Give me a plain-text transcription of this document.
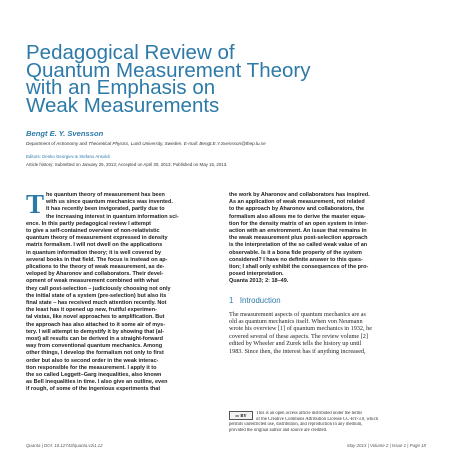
Pedagogical Review of
Quantum Measurement Theory
with an Emphasis on
Weak Measurements
Bengt E. Y. Svensson
Department of Astronomy and Theoretical Physics, Lund University, Sweden. E-mail: Bengt.E.Y.Svensson@thep.lu.se
Editors: Denko Georgiev & Stefano Ansoldi
Article history: Submitted on January 25, 2013; Accepted on April 30, 2013; Published on May 15, 2013.
T he quantum theory of measurement has been
with us since quantum mechanics was invented.
It has recently been invigorated, partly due to
the increasing interest in quantum information sci-
ence. In this partly pedagogical review I attempt
to give a self-contained overview of non-relativistic
quantum theory of measurement expressed in density
matrix formalism. I will not dwell on the applications
in quantum information theory; it is well covered by
several books in that field. The focus is instead on ap-
plications to the theory of weak measurement, as de-
veloped by Aharonov and collaborators. Their devel-
opment of weak measurement combined with what
they call post-selection – judiciously choosing not only
the initial state of a system (pre-selection) but also its
final state – has received much attention recently. Not
the least has it opened up new, fruitful experimen-
tal vistas, like novel approaches to amplification. But
the approach has also attached to it some air of mys-
tery. I will attempt to demystify it by showing that (al-
most) all results can be derived in a straight-forward
way from conventional quantum mechanics. Among
other things, I develop the formalism not only to first
order but also to second order in the weak interac-
tion responsible for the measurement. I apply it to
the so called Leggett–Garg inequalities, also known
as Bell inequalities in time. I also give an outline, even
if rough, of some of the ingenious experiments that
the work by Aharonov and collaborators has inspired.
As an application of weak measurement, not related
to the approach by Aharonov and collaborators, the
formalism also allows me to derive the master equa-
tion for the density matrix of an open system in inter-
action with an environment. An issue that remains in
the weak measurement plus post-selection approach
is the interpretation of the so called weak value of an
observable. Is it a bona fide property of the system
considered? I have no definite answer to this ques-
tion; I shall only exhibit the consequences of the pro-
posed interpretation.
Quanta 2013; 2: 18–49.
1 Introduction
The measurement aspects of quantum mechanics are as
old as quantum mechanics itself. When von Neumann
wrote his overview [1] of quantum mechanics in 1932, he
covered several of these aspects. The review volume [2]
edited by Wheeler and Zurek tells the history up until
1983. Since then, the interest has if anything increased,
cc BY	This is an open access article distributed under the terms
of the Creative Commons Attribution License CC-BY-3.0, which
permits unrestricted use, distribution, and reproduction in any medium,
provided the original author and source are credited.
Quanta | DOI: 10.12743/quanta.v2i1.12	May 2013 | Volume 2 | Issue 1 | Page 18
